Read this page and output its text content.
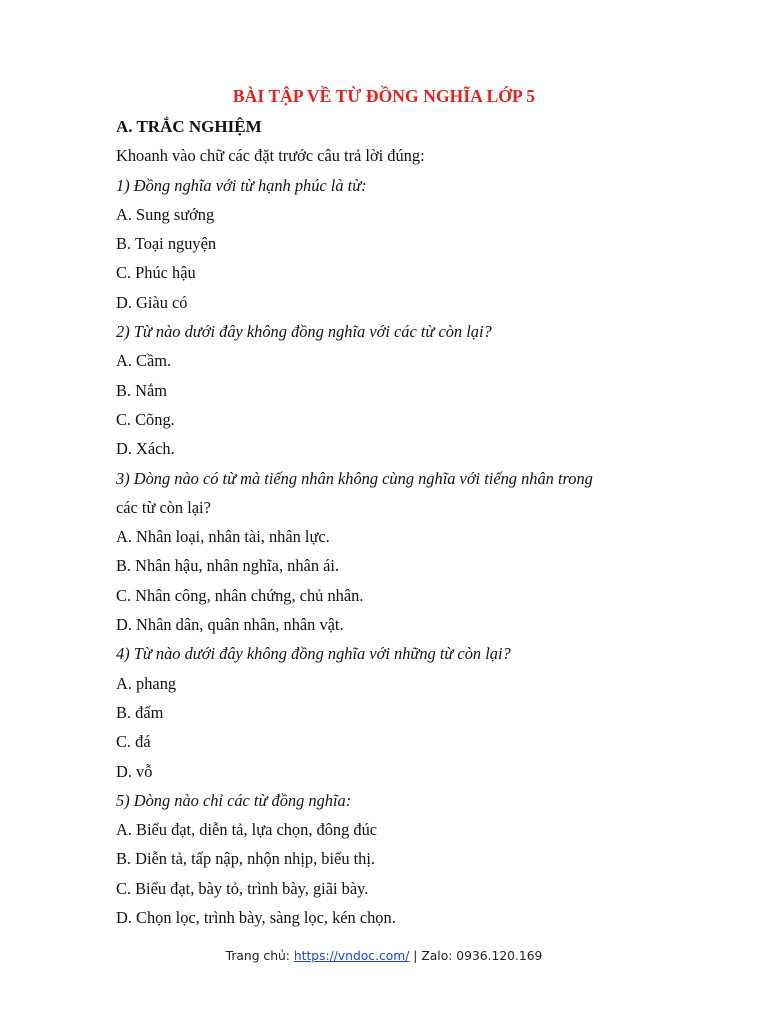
BÀI TẬP VỀ TỪ ĐỒNG NGHĨA LỚP 5
A. TRẮC NGHIỆM
Khoanh vào chữ các đặt trước câu trả lời đúng:
1) Đồng nghĩa với từ hạnh phúc là từ:
A. Sung sướng
B. Toại nguyện
C. Phúc hậu
D. Giàu có
2) Từ nào dưới đây không đồng nghĩa với các từ còn lại?
A. Cầm.
B. Nắm
C. Cõng.
D. Xách.
3) Dòng nào có từ mà tiếng nhân không cùng nghĩa với tiếng nhân trong
các từ còn lại?
A. Nhân loại, nhân tài, nhân lực.
B. Nhân hậu, nhân nghĩa, nhân ái.
C. Nhân công, nhân chứng, chủ nhân.
D. Nhân dân, quân nhân, nhân vật.
4) Từ nào dưới đây không đồng nghĩa với những từ còn lại?
A. phang
B. đấm
C. đá
D. vỗ
5) Dòng nào chỉ các từ đồng nghĩa:
A. Biểu đạt, diễn tả, lựa chọn, đông đúc
B. Diễn tả, tấp nập, nhộn nhịp, biểu thị.
C. Biểu đạt, bày tỏ, trình bày, giãi bày.
D. Chọn lọc, trình bày, sàng lọc, kén chọn.
Trang chủ: https://vndoc.com/ | Zalo: 0936.120.169
